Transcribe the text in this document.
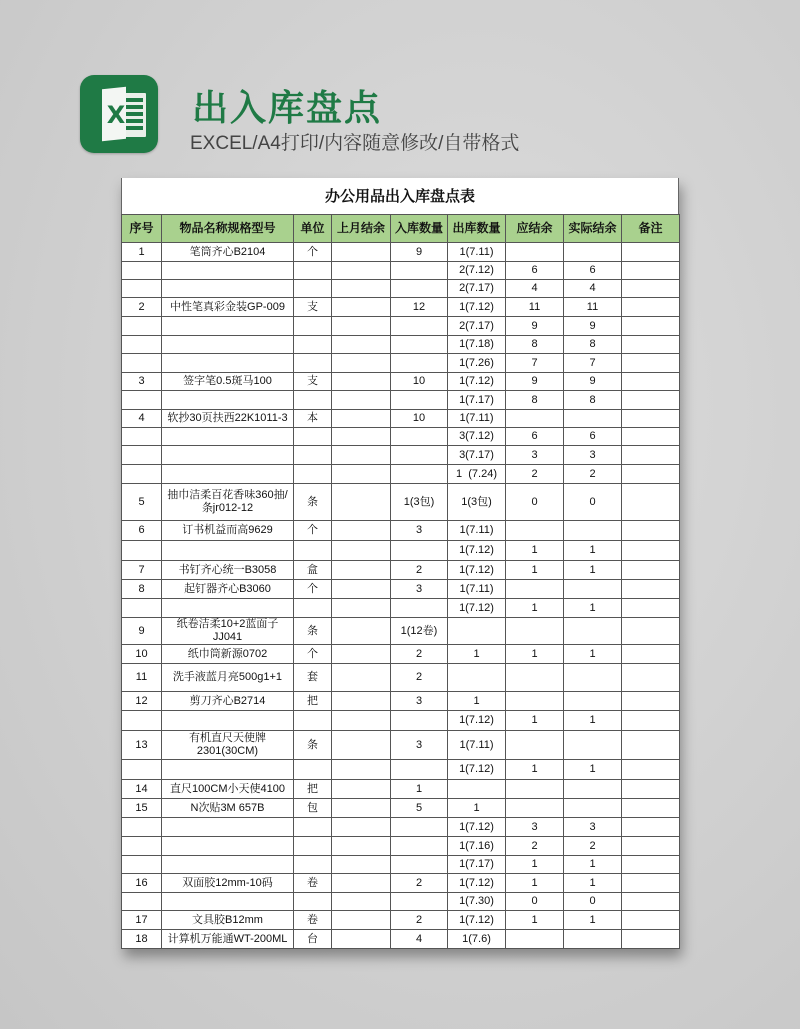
X 出入库盘点
EXCEL/A4打印/内容随意修改/自带格式
办公用品出入库盘点表
序号	物品名称规格型号	单位	上月结余	入库数量	出库数量	应结余	实际结余	备注
1	笔筒齐心B2104	个		9	1(7.11)			
					2(7.12)	6	6	
					2(7.17)	4	4	
2	中性笔真彩金装GP-009	支		12	1(7.12)	11	11	
					2(7.17)	9	9	
					1(7.18)	8	8	
					1(7.26)	7	7	
3	签字笔0.5斑马100	支		10	1(7.12)	9	9	
					1(7.17)	8	8	
4	软抄30页扶西22K1011-3	本		10	1(7.11)			
					3(7.12)	6	6	
					3(7.17)	3	3	
					1  (7.24)	2	2	
5	抽巾洁柔百花香味360抽/条jr012-12	条		1(3包)	1(3包)	0	0	
6	订书机益而高9629	个		3	1(7.11)			
					1(7.12)	1	1	
7	书钉齐心统一B3058	盒		2	1(7.12)	1	1	
8	起钉器齐心B3060	个		3	1(7.11)			
					1(7.12)	1	1	
9	纸卷洁柔10+2蓝面子JJ041	条		1(12卷)				
10	纸巾筒新源0702	个		2	1	1	1	
11	洗手液蓝月亮500g1+1	套		2				
12	剪刀齐心B2714	把		3	1			
					1(7.12)	1	1	
13	有机直尺天使牌2301(30CM)	条		3	1(7.11)			
					1(7.12)	1	1	
14	直尺100CM小天使4100	把		1				
15	N次贴3M 657B	包		5	1			
					1(7.12)	3	3	
					1(7.16)	2	2	
					1(7.17)	1	1	
16	双面胶12mm-10码	卷		2	1(7.12)	1	1	
					1(7.30)	0	0	
17	文具胶B12mm	卷		2	1(7.12)	1	1	
18	计算机万能通WT-200ML	台		4	1(7.6)			
